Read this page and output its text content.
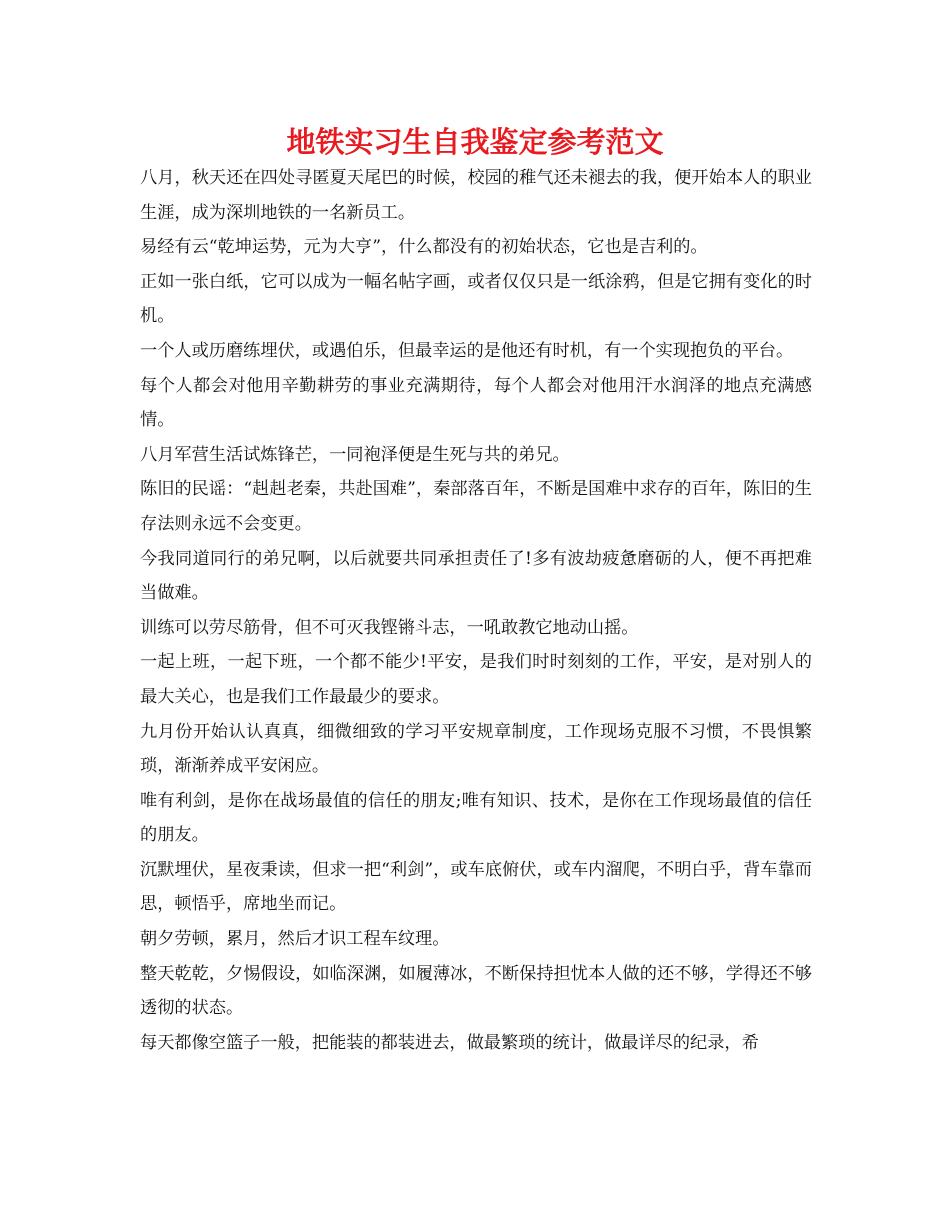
地铁实习生自我鉴定参考范文

八月，秋天还在四处寻匿夏天尾巴的时候，校园的稚气还未褪去的我，便开始本人的职业生涯，成为深圳地铁的一名新员工。

易经有云“乾坤运势，元为大亨”，什么都没有的初始状态，它也是吉利的。

正如一张白纸，它可以成为一幅名帖字画，或者仅仅只是一纸涂鸦，但是它拥有变化的时机。

一个人或历磨练埋伏，或遇伯乐，但最幸运的是他还有时机，有一个实现抱负的平台。

每个人都会对他用辛勤耕劳的事业充满期待，每个人都会对他用汗水润泽的地点充满感情。

八月军营生活试炼锋芒，一同袍泽便是生死与共的弟兄。

陈旧的民谣：“赳赳老秦，共赴国难”，秦部落百年，不断是国难中求存的百年，陈旧的生存法则永远不会变更。

今我同道同行的弟兄啊，以后就要共同承担责任了!多有波劫疲惫磨砺的人，便不再把难当做难。

训练可以劳尽筋骨，但不可灭我铿锵斗志，一吼敢教它地动山摇。

一起上班，一起下班，一个都不能少!平安，是我们时时刻刻的工作，平安，是对别人的最大关心，也是我们工作最最少的要求。

九月份开始认认真真，细微细致的学习平安规章制度，工作现场克服不习惯，不畏惧繁琐，渐渐养成平安闲应。

唯有利剑，是你在战场最值的信任的朋友;唯有知识、技术，是你在工作现场最值的信任的朋友。

沉默埋伏，星夜秉读，但求一把“利剑”，或车底俯伏，或车内溜爬，不明白乎，背车靠而思，顿悟乎，席地坐而记。

朝夕劳顿，累月，然后才识工程车纹理。

整天乾乾，夕惕假设，如临深渊，如履薄冰，不断保持担忧本人做的还不够，学得还不够透彻的状态。

每天都像空篮子一般，把能装的都装进去，做最繁琐的统计，做最详尽的纪录，希
